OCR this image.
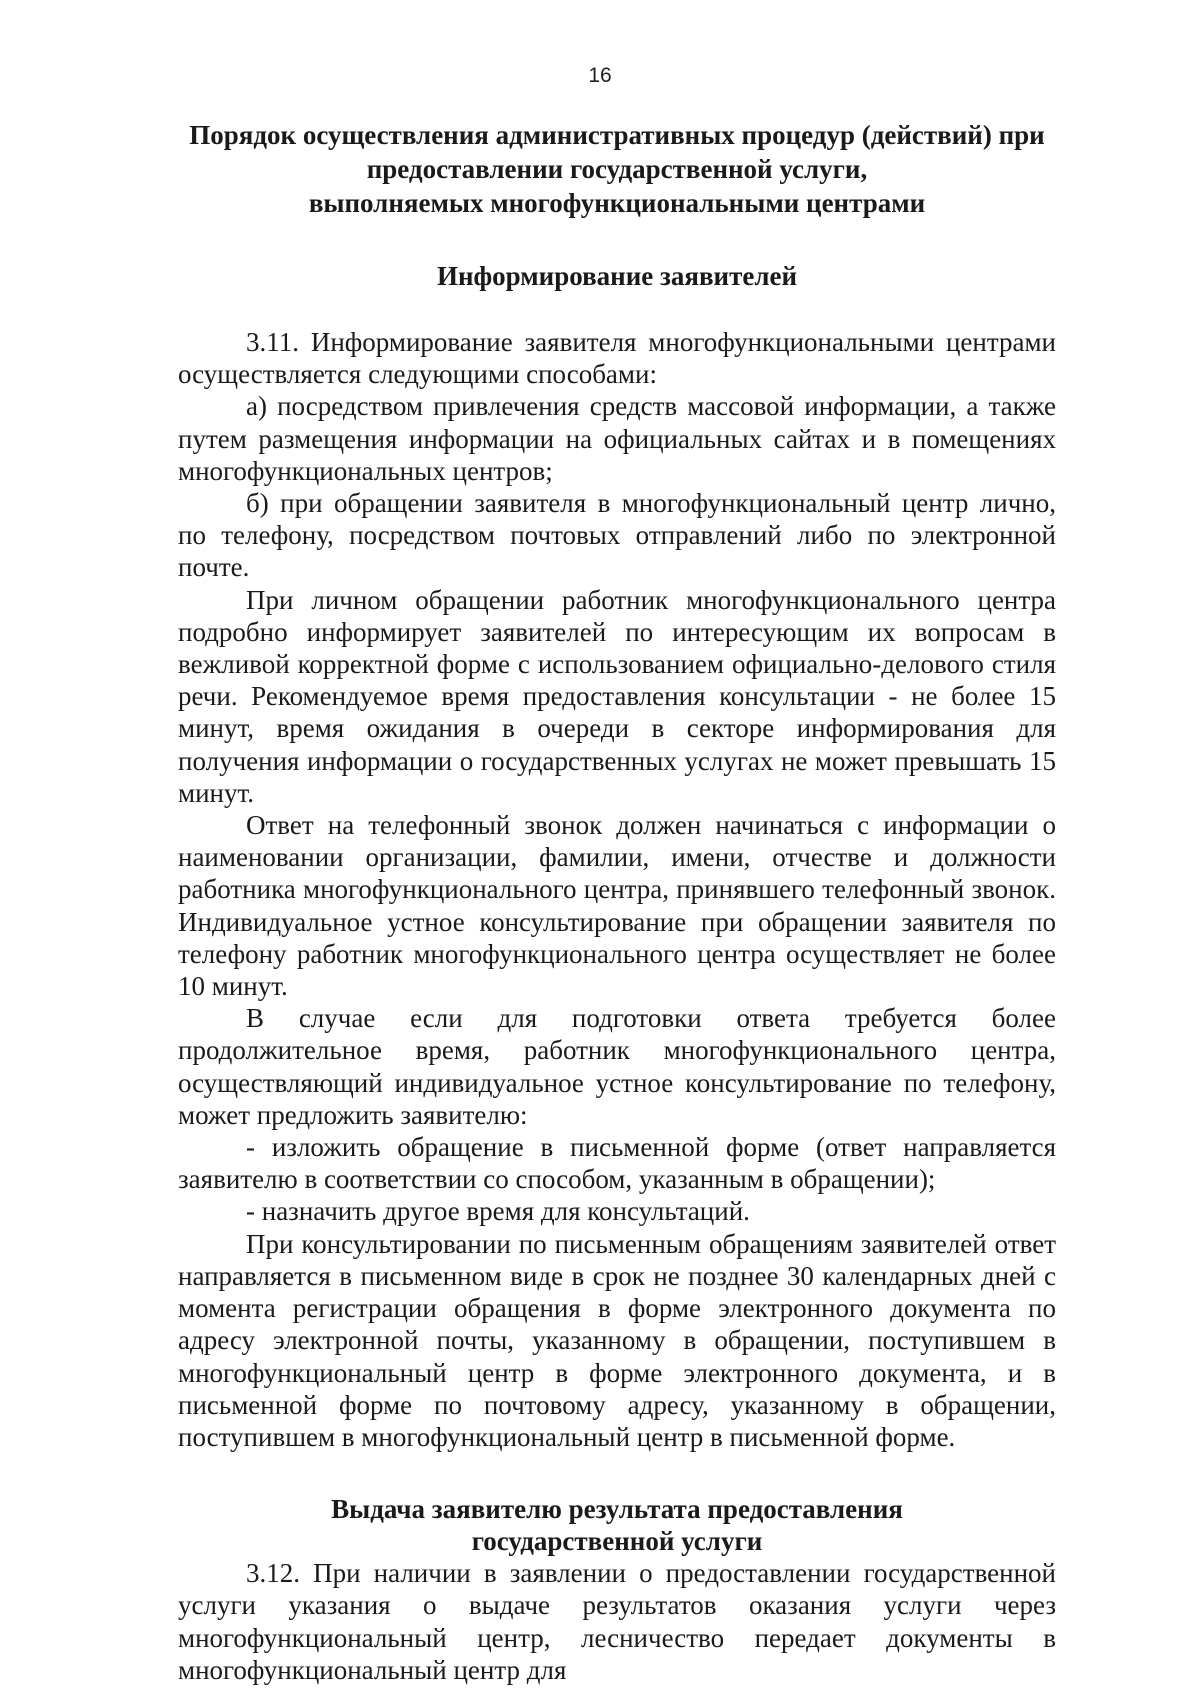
16
Порядок осуществления административных процедур (действий) при
предоставлении государственной услуги,
выполняемых многофункциональными центрами
Информирование заявителей

3.11. Информирование заявителя многофункциональными центрами осуществляется следующими способами:

а) посредством привлечения средств массовой информации, а также путем размещения информации на официальных сайтах и в помещениях многофункциональных центров;

б) при обращении заявителя в многофункциональный центр лично, по телефону, посредством почтовых отправлений либо по электронной почте.

При личном обращении работник многофункционального центра подробно информирует заявителей по интересующим их вопросам в вежливой корректной форме с использованием официально-делового стиля речи. Рекомендуемое время предоставления консультации - не более 15 минут, время ожидания в очереди в секторе информирования для получения информации о государственных услугах не может превышать 15 минут.

Ответ на телефонный звонок должен начинаться с информации о наименовании организации, фамилии, имени, отчестве и должности работника многофункционального центра, принявшего телефонный звонок. Индивидуальное устное консультирование при обращении заявителя по телефону работник многофункционального центра осуществляет не более 10 минут.

В случае если для подготовки ответа требуется более продолжительное время, работник многофункционального центра, осуществляющий индивидуальное устное консультирование по телефону, может предложить заявителю:

- изложить обращение в письменной форме (ответ направляется заявителю в соответствии со способом, указанным в обращении);

- назначить другое время для консультаций.

При консультировании по письменным обращениям заявителей ответ направляется в письменном виде в срок не позднее 30 календарных дней с момента регистрации обращения в форме электронного документа по адресу электронной почты, указанному в обращении, поступившем в многофункциональный центр в форме электронного документа, и в письменной форме по почтовому адресу, указанному в обращении, поступившем в многофункциональный центр в письменной форме.

Выдача заявителю результата предоставления
государственной услуги

3.12. При наличии в заявлении о предоставлении государственной услуги указания о выдаче результатов оказания услуги через многофункциональный центр, лесничество передает документы в многофункциональный центр для
